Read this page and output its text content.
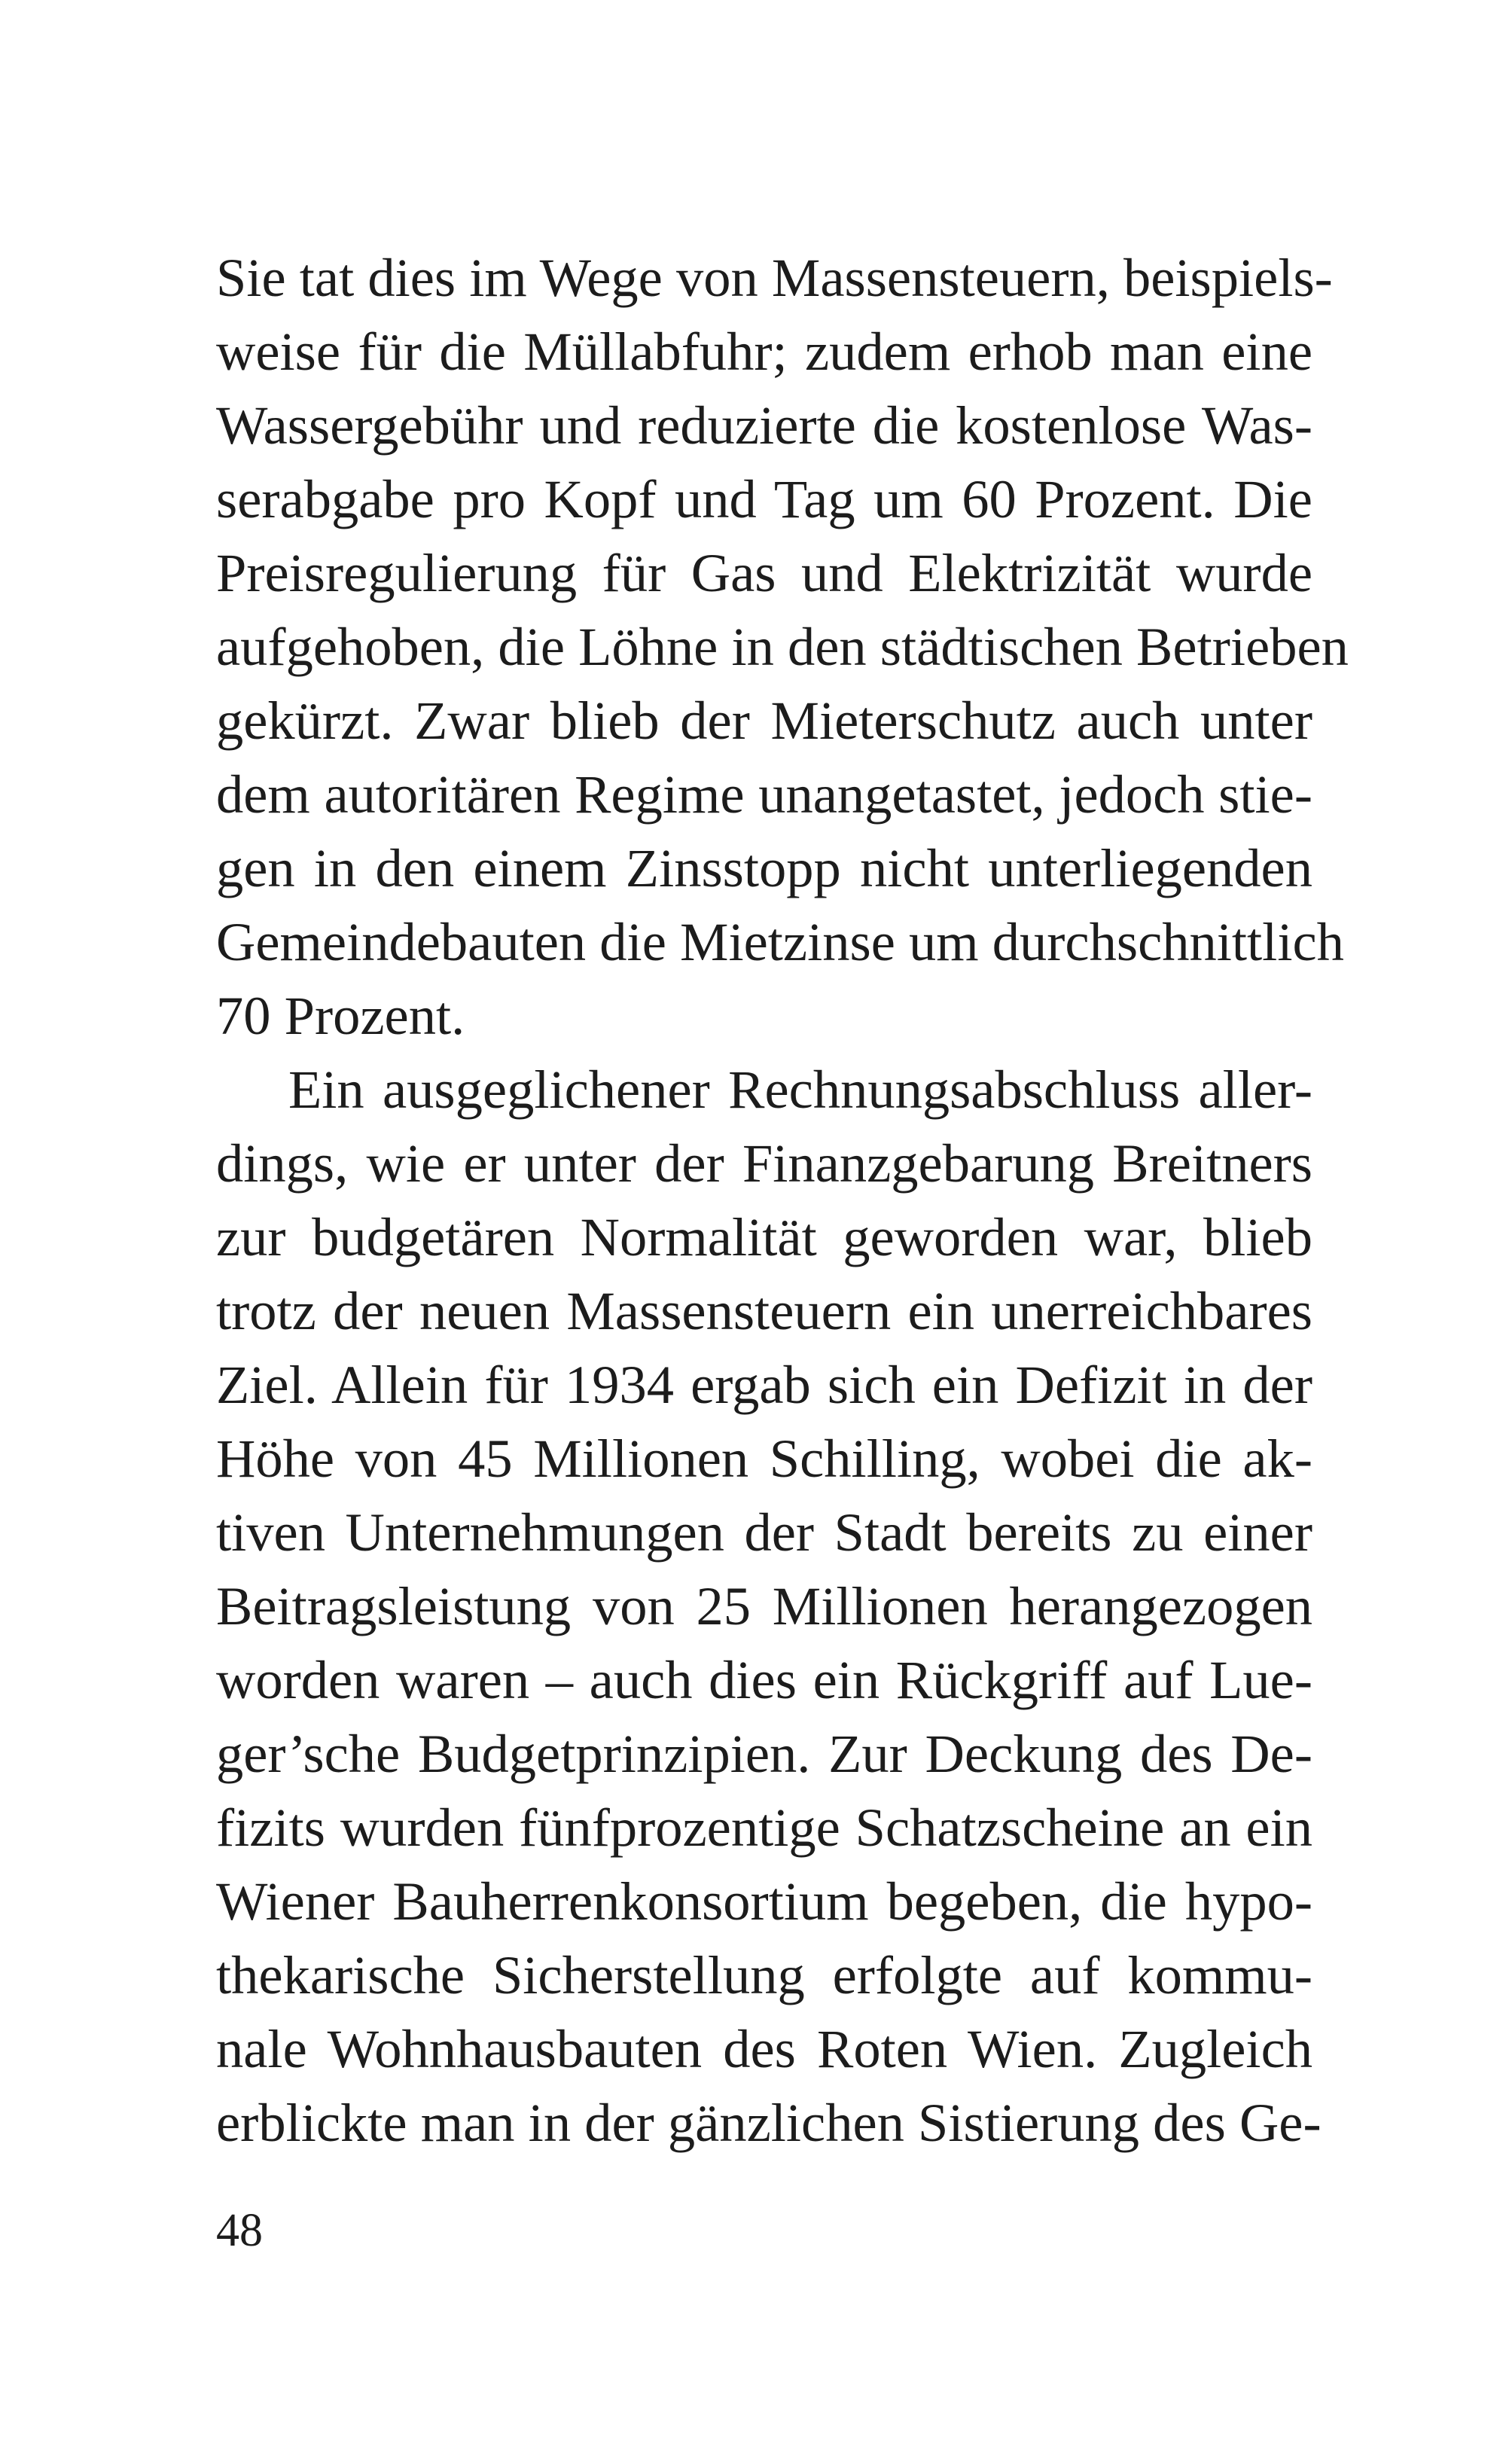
Sie tat dies im Wege von Massensteuern, beispiels-
weise für die Müllabfuhr; zudem erhob man eine
Wassergebühr und reduzierte die kostenlose Was-
serabgabe pro Kopf und Tag um 60 Prozent. Die
Preisregulierung für Gas und Elektrizität wurde
aufgehoben, die Löhne in den städtischen Betrieben
gekürzt. Zwar blieb der Mieterschutz auch unter
dem autoritären Regime unangetastet, jedoch stie-
gen in den einem Zinsstopp nicht unterliegenden
Gemeindebauten die Mietzinse um durchschnittlich
70 Prozent.
Ein ausgeglichener Rechnungsabschluss aller-
dings, wie er unter der Finanzgebarung Breitners
zur budgetären Normalität geworden war, blieb
trotz der neuen Massensteuern ein unerreichbares
Ziel. Allein für 1934 ergab sich ein Defizit in der
Höhe von 45 Millionen Schilling, wobei die ak-
tiven Unternehmungen der Stadt bereits zu einer
Beitragsleistung von 25 Millionen herangezogen
worden waren – auch dies ein Rückgriff auf Lue-
ger’sche Budgetprinzipien. Zur Deckung des De-
fizits wurden fünfprozentige Schatzscheine an ein
Wiener Bauherrenkonsortium begeben, die hypo-
thekarische Sicherstellung erfolgte auf kommu-
nale Wohnhausbauten des Roten Wien. Zugleich
erblickte man in der gänzlichen Sistierung des Ge-
48
